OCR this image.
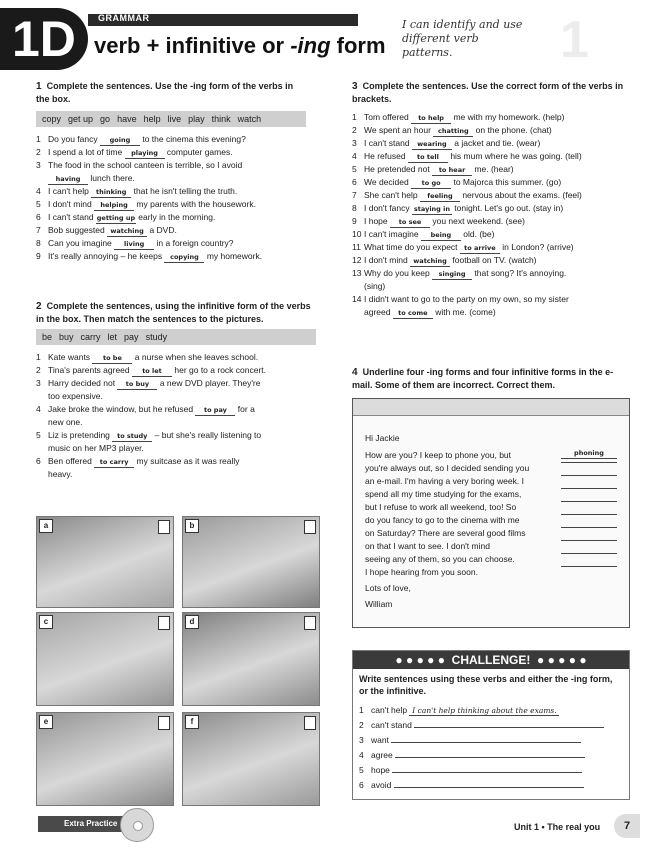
1
1D GRAMMAR
verb + infinitive or -ing form
I can identify and use different verb patterns.
1 Complete the sentences. Use the -ing form of the verbs in the box.
copy get up go have help live play think watch
1 Do you fancy going to the cinema this evening?
2 I spend a lot of time playing computer games.
3 The food in the school canteen is terrible, so I avoid
having lunch there.
4 I can't help thinking that he isn't telling the truth.
5 I don't mind helping my parents with the housework.
6 I can't stand getting up early in the morning.
7 Bob suggested watching a DVD.
8 Can you imagine living in a foreign country?
9 It's really annoying – he keeps copying my homework.
2 Complete the sentences, using the infinitive form of the verbs in the box. Then match the sentences to the pictures.
be buy carry let pay study
1 Kate wants to be a nurse when she leaves school.
2 Tina's parents agreed to let her go to a rock concert.
3 Harry decided not to buy a new DVD player. They're
too expensive.
4 Jake broke the window, but he refused to pay for a
new one.
5 Liz is pretending to study – but she's really listening to
music on her MP3 player.
6 Ben offered to carry my suitcase as it was really
heavy.
a	b
c	d
e	f
3 Complete the sentences. Use the correct form of the verbs in brackets.
1 Tom offered to help me with my homework. (help)
2 We spent an hour chatting on the phone. (chat)
3 I can't stand wearing a jacket and tie. (wear)
4 He refused to tell his mum where he was going. (tell)
5 He pretended not to hear me. (hear)
6 We decided to go to Majorca this summer. (go)
7 She can't help feeling nervous about the exams. (feel)
8 I don't fancy staying in tonight. Let's go out. (stay in)
9 I hope to see you next weekend. (see)
10 I can't imagine being old. (be)
11 What time do you expect to arrive in London? (arrive)
12 I don't mind watching football on TV. (watch)
13 Why do you keep singing that song? It's annoying.
(sing)
14 I didn't want to go to the party on my own, so my sister
agreed to come with me. (come)
4 Underline four -ing forms and four infinitive forms in the e-mail. Some of them are incorrect. Correct them.
Hi Jackie
How are you? I keep to phone you, but	phoning
you're always out, so I decided sending you
an e-mail. I'm having a very boring week. I
spend all my time studying for the exams,
but I refuse to work all weekend, too! So
do you fancy to go to the cinema with me
on Saturday? There are several good films
on that I want to see. I don't mind
seeing any of them, so you can choose.
I hope hearing from you soon.
Lots of love,
William
● ● ● ● ●  CHALLENGE!  ● ● ● ● ●
Write sentences using these verbs and either the -ing form, or the infinitive.
1 can't help I can't help thinking about the exams.
2 can't stand
3 want
4 agree
5 hope
6 avoid
Extra Practice	Unit 1 • The real you	7
